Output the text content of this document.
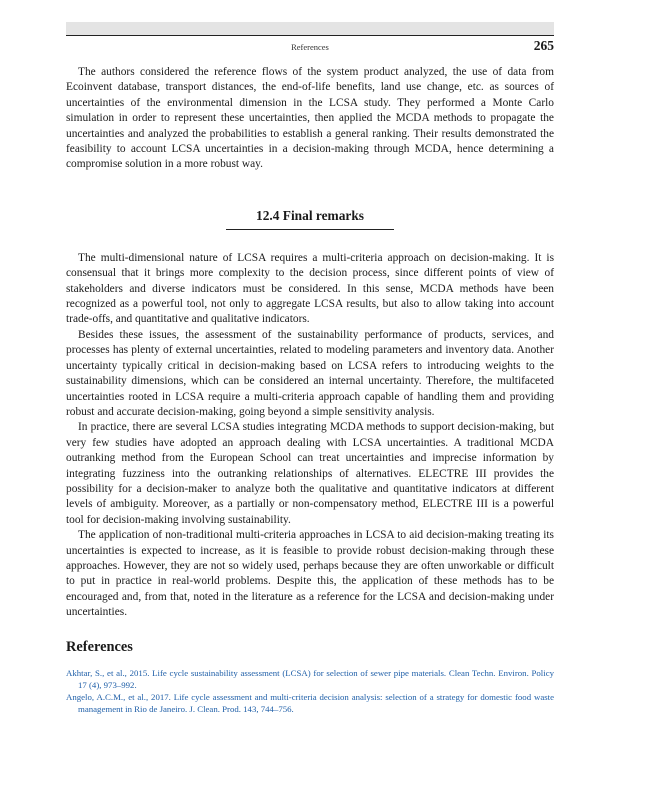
References	265

The authors considered the reference flows of the system product analyzed, the use of data from Ecoinvent database, transport distances, the end-of-life benefits, land use change, etc. as sources of uncertainties of the environmental dimension in the LCSA study. They performed a Monte Carlo simulation in order to represent these uncertainties, then applied the MCDA methods to propagate the uncertainties and analyzed the probabilities to establish a general ranking. Their results demonstrated the feasibility to account LCSA uncertainties in a decision-making through MCDA, hence determining a compromise solution in a more robust way.

12.4 Final remarks

The multi-dimensional nature of LCSA requires a multi-criteria approach on decision-making. It is consensual that it brings more complexity to the decision process, since different points of view of stakeholders and diverse indicators must be considered. In this sense, MCDA methods have been recognized as a powerful tool, not only to aggregate LCSA results, but also to allow taking into account trade-offs, and quantitative and qualitative indicators.

Besides these issues, the assessment of the sustainability performance of products, services, and processes has plenty of external uncertainties, related to modeling parameters and inventory data. Another uncertainty typically critical in decision-making based on LCSA refers to introducing weights to the sustainability dimensions, which can be considered an internal uncertainty. Therefore, the multifaceted uncertainties rooted in LCSA require a multi-criteria approach capable of handling them and providing robust and accurate decision-making, going beyond a simple sensitivity analysis.

In practice, there are several LCSA studies integrating MCDA methods to support decision-making, but very few studies have adopted an approach dealing with LCSA uncertainties. A traditional MCDA outranking method from the European School can treat uncertainties and imprecise information by integrating fuzziness into the outranking relationships of alternatives. ELECTRE III provides the possibility for a decision-maker to analyze both the qualitative and quantitative indicators at different levels of ambiguity. Moreover, as a partially or non-compensatory method, ELECTRE III is a powerful tool for decision-making involving sustainability.

The application of non-traditional multi-criteria approaches in LCSA to aid decision-making treating its uncertainties is expected to increase, as it is feasible to provide robust decision-making through these approaches. However, they are not so widely used, perhaps because they are often unworkable or difficult to put in practice in real-world problems. Despite this, the application of these methods has to be encouraged and, from that, noted in the literature as a reference for the LCSA and decision-making under uncertainties.

References

Akhtar, S., et al., 2015. Life cycle sustainability assessment (LCSA) for selection of sewer pipe materials. Clean Techn. Environ. Policy 17 (4), 973–992.

Angelo, A.C.M., et al., 2017. Life cycle assessment and multi-criteria decision analysis: selection of a strategy for domestic food waste management in Rio de Janeiro. J. Clean. Prod. 143, 744–756.
